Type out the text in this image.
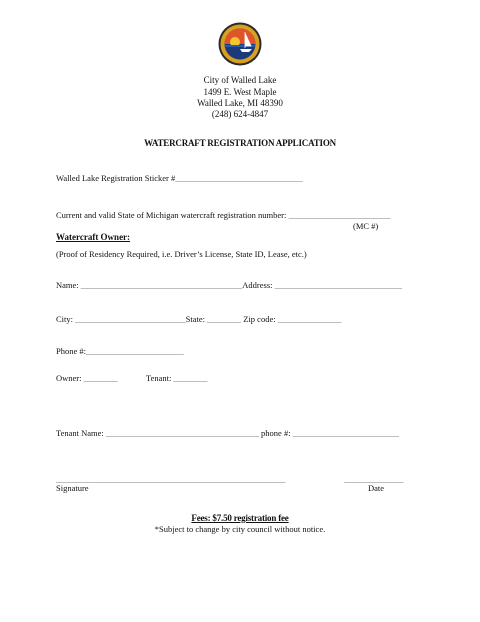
City of Walled Lake
1499 E. West Maple
Walled Lake, MI 48390
(248) 624-4847
WATERCRAFT REGISTRATION APPLICATION
Walled Lake Registration Sticker #______________________________
Current and valid State of Michigan watercraft registration number: ________________________
(MC #)
Watercraft Owner:
(Proof of Residency Required, i.e. Driver’s License, State ID, Lease, etc.)
Name: ______________________________________Address: ______________________________
City: __________________________State: ________ Zip code: _______________
Phone #:_______________________
Owner: ________	Tenant: ________
Tenant Name: ____________________________________ phone #: _________________________
______________________________________________________	______________
Signature	Date
Fees: $7.50 registration fee
*Subject to change by city council without notice.
